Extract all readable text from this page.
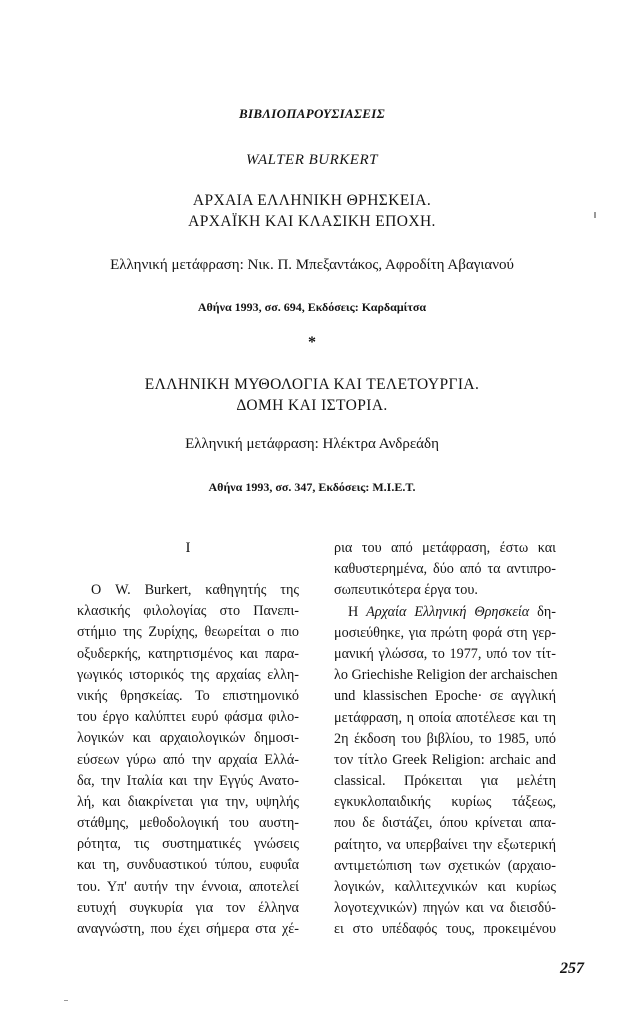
ΒΙΒΛΙΟΠΑΡΟΥΣΙΑΣΕΙΣ
WALTER BURKERT
ΑΡΧΑΙΑ ΕΛΛΗΝΙΚΗ ΘΡΗΣΚΕΙΑ.
ΑΡΧΑΪΚΗ ΚΑΙ ΚΛΑΣΙΚΗ ΕΠΟΧΗ.
Ελληνική μετάφραση: Νικ. Π. Μπεξαντάκος, Αφροδίτη Αβαγιανού
Αθήνα 1993, σσ. 694, Εκδόσεις: Καρδαμίτσα
*
ΕΛΛΗΝΙΚΗ ΜΥΘΟΛΟΓΙΑ ΚΑΙ ΤΕΛΕΤΟΥΡΓΙΑ.
ΔΟΜΗ ΚΑΙ ΙΣΤΟΡΙΑ.
Ελληνική μετάφραση: Ηλέκτρα Ανδρεάδη
Αθήνα 1993, σσ. 347, Εκδόσεις: Μ.Ι.Ε.Τ.
I
Ο W. Burkert, καθηγητής της
κλασικής φιλολογίας στο Πανεπι-
στήμιο της Ζυρίχης, θεωρείται ο πιο
οξυδερκής, κατηρτισμένος και παρα-
γωγικός ιστορικός της αρχαίας ελλη-
νικής θρησκείας. Το επιστημονικό
του έργο καλύπτει ευρύ φάσμα φιλο-
λογικών και αρχαιολογικών δημοσι-
εύσεων γύρω από την αρχαία Ελλά-
δα, την Ιταλία και την Εγγύς Ανατο-
λή, και διακρίνεται για την, υψηλής
στάθμης, μεθοδολογική του αυστη-
ρότητα, τις συστηματικές γνώσεις
και τη, συνδυαστικού τύπου, ευφυΐα
του. Υπ' αυτήν την έννοια, αποτελεί
ευτυχή συγκυρία για τον έλληνα
αναγνώστη, που έχει σήμερα στα χέ-
ρια του από μετάφραση, έστω και
καθυστερημένα, δύο από τα αντιπρο-
σωπευτικότερα έργα του.
Η Αρχαία Ελληνική Θρησκεία δη-
μοσιεύθηκε, για πρώτη φορά στη γερ-
μανική γλώσσα, το 1977, υπό τον τίτ-
λο Griechishe Religion der archaischen
und klassischen Epoche· σε αγγλική
μετάφραση, η οποία αποτέλεσε και τη
2η έκδοση του βιβλίου, το 1985, υπό
τον τίτλο Greek Religion: archaic and
classical. Πρόκειται για μελέτη
εγκυκλοπαιδικής κυρίως τάξεως,
που δε διστάζει, όπου κρίνεται απα-
ραίτητο, να υπερβαίνει την εξωτερική
αντιμετώπιση των σχετικών (αρχαιο-
λογικών, καλλιτεχνικών και κυρίως
λογοτεχνικών) πηγών και να διεισδύ-
ει στο υπέδαφός τους, προκειμένου
257
